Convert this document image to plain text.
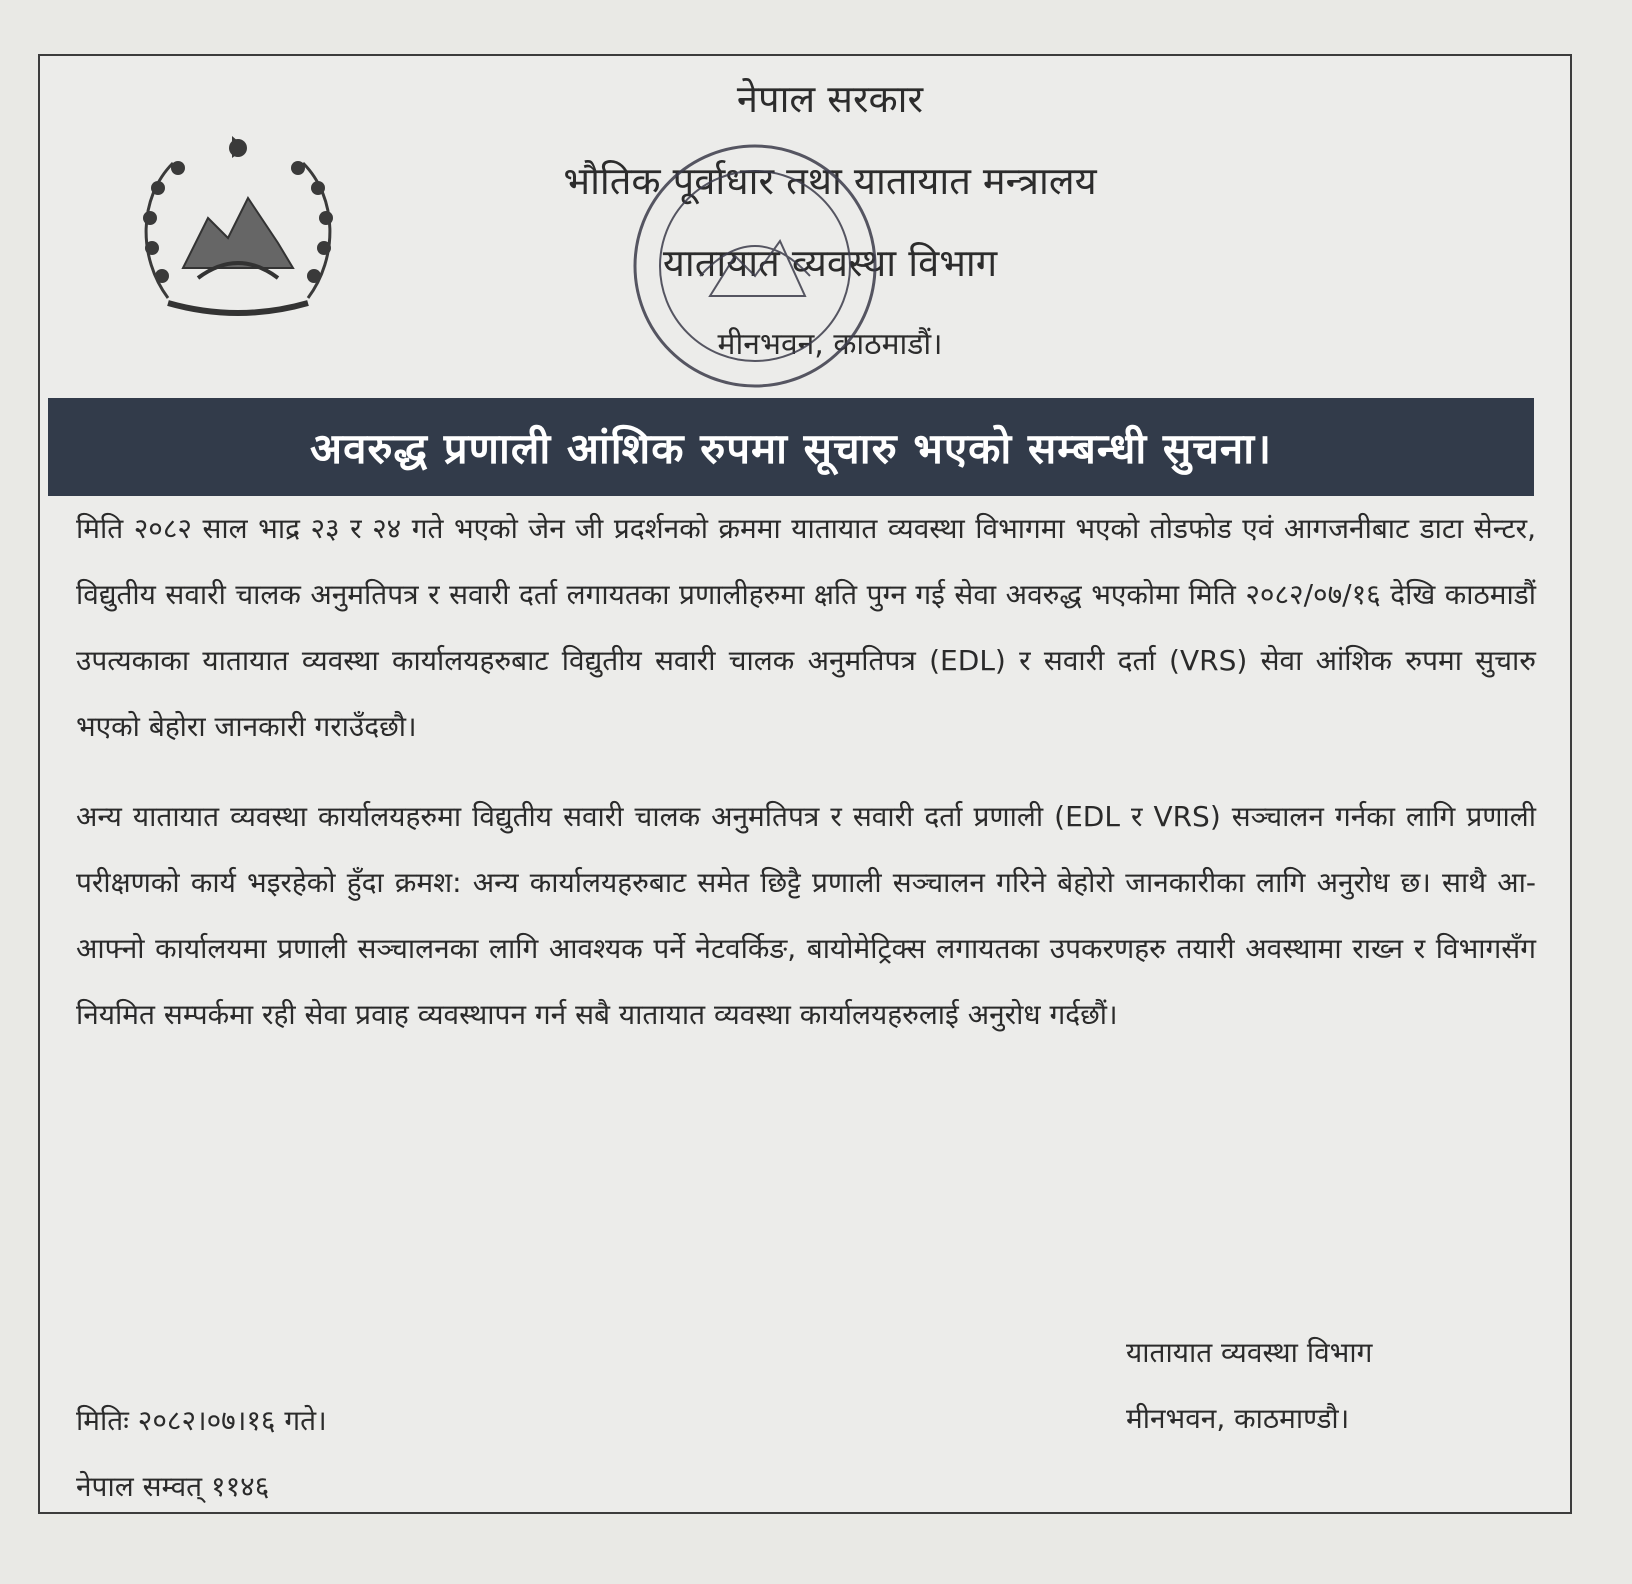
नेपाल सरकार
भौतिक पूर्वाधार तथा यातायात मन्त्रालय
यातायात व्यवस्था विभाग
मीनभवन, काठमाडौं।
अवरुद्ध प्रणाली आंशिक रुपमा सूचारु भएको सम्बन्धी सुचना।

मिति २०८२ साल भाद्र २३ र २४ गते भएको जेन जी प्रदर्शनको क्रममा यातायात व्यवस्था विभागमा भएको तोडफोड एवं आगजनीबाट डाटा सेन्टर, विद्युतीय सवारी चालक अनुमतिपत्र र सवारी दर्ता लगायतका प्रणालीहरुमा क्षति पुग्न गई सेवा अवरुद्ध भएकोमा मिति २०८२/०७/१६ देखि काठमाडौं उपत्यकाका यातायात व्यवस्था कार्यालयहरुबाट विद्युतीय सवारी चालक अनुमतिपत्र (EDL) र सवारी दर्ता (VRS) सेवा आंशिक रुपमा सुचारु भएको बेहोरा जानकारी गराउँदछौ।

अन्य यातायात व्यवस्था कार्यालयहरुमा विद्युतीय सवारी चालक अनुमतिपत्र र सवारी दर्ता प्रणाली (EDL र VRS) सञ्चालन गर्नका लागि प्रणाली परीक्षणको कार्य भइरहेको हुँदा क्रमश: अन्य कार्यालयहरुबाट समेत छिट्टै प्रणाली सञ्चालन गरिने बेहोरो जानकारीका लागि अनुरोध छ। साथै आ-आफ्नो कार्यालयमा प्रणाली सञ्चालनका लागि आवश्यक पर्ने नेटवर्किङ, बायोमेट्रिक्स लगायतका उपकरणहरु तयारी अवस्थामा राख्न र विभागसँग नियमित सम्पर्कमा रही सेवा प्रवाह व्यवस्थापन गर्न सबै यातायात व्यवस्था कार्यालयहरुलाई अनुरोध गर्दछौं।

यातायात व्यवस्था विभाग
मीनभवन, काठमाण्डौ।
मितिः २०८२।०७।१६ गते।
नेपाल सम्वत् ११४६
